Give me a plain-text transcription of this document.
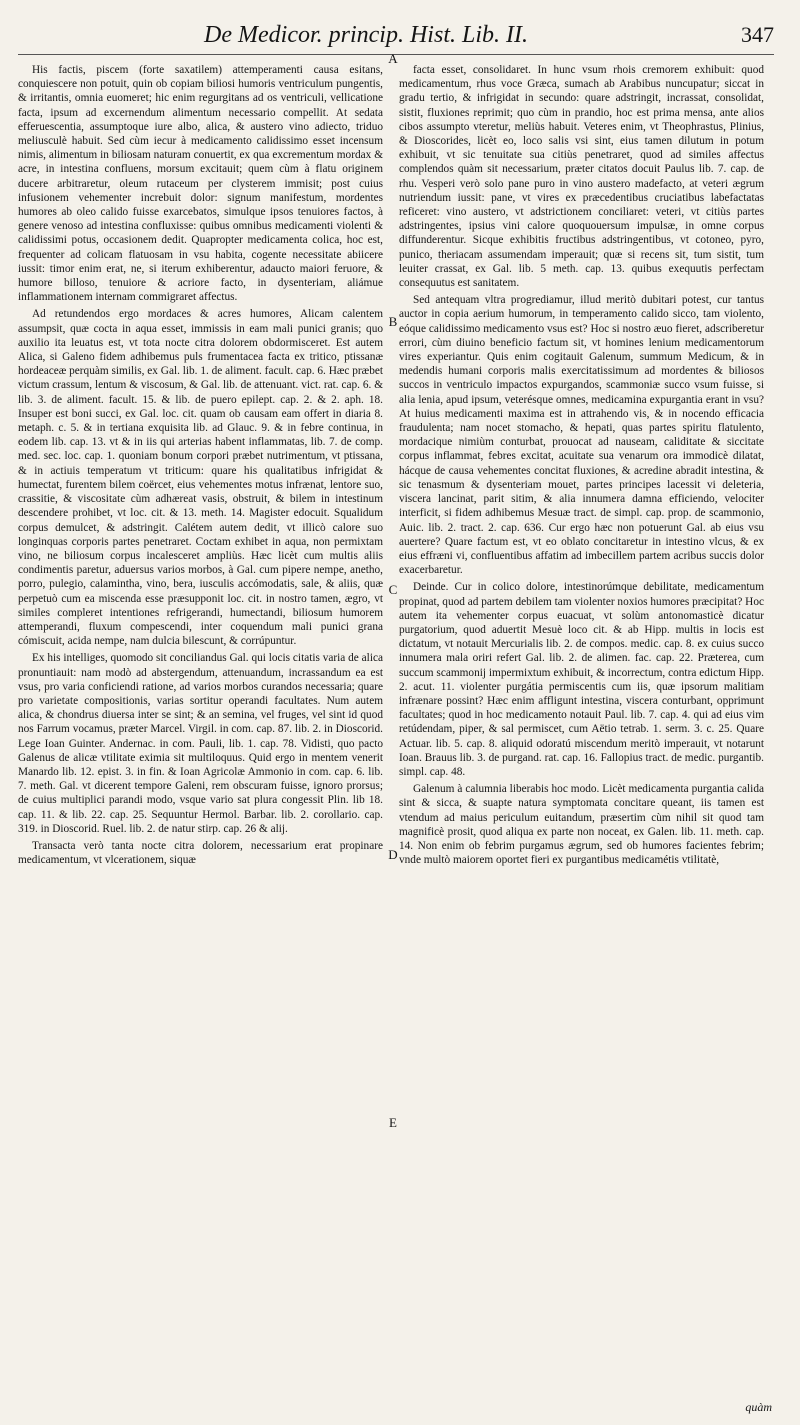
De Medicor. princip. Hist. Lib. II.	347

His factis, piscem (forte saxatilem) attemperamenti causa esitans, conquiescere non potuit, quin ob copiam biliosi humoris ventriculum pungentis, & irritantis, omnia euomeret; hic enim regurgitans ad os ventriculi, vellicatione facta, ipsum ad excernendum alimentum necessario compellit. At sedata efferuescentia, assumptoque iure albo, alica, & austero vino adiecto, triduo meliusculè habuit. Sed cùm iecur à medicamento calidissimo esset incensum nimis, alimentum in biliosam naturam conuertit, ex qua excrementum mordax & acre, in intestina confluens, morsum excitauit; quem cùm à flatu originem ducere arbitraretur, oleum rutaceum per clysterem immisit; post cuius infusionem vehementer increbuit dolor: signum manifestum, mordentes humores ab oleo calido fuisse exarcebatos, simulque ipsos tenuiores factos, à genere venoso ad intestina confluxisse: quibus omnibus medicamenti violenti & calidissimi potus, occasionem dedit. Quapropter medicamenta colica, hoc est, frequenter ad colicam flatuosam in vsu habita, cogente necessitate abiicere iussit: timor enim erat, ne, si iterum exhiberentur, adaucto maiori feruore, & humore billoso, tenuiore & acriore facto, in dysenteriam, aliámue inflammationem internam commigraret affectus.

Ad retundendos ergo mordaces & acres humores, Alicam calentem assumpsit, quæ cocta in aqua esset, immissis in eam mali punici granis; quo auxilio ita leuatus est, vt tota nocte citra dolorem obdormisceret. Est autem Alica, si Galeno fidem adhibemus puls frumentacea facta ex tritico, ptissanæ hordeaceæ perquàm similis, ex Gal. lib. 1. de aliment. facult. cap. 6. Hæc præbet victum crassum, lentum & viscosum, & Gal. lib. de attenuant. vict. rat. cap. 6. & lib. 3. de aliment. facult. 15. & lib. de puero epilept. cap. 2. & 2. aph. 18. Insuper est boni succi, ex Gal. loc. cit. quam ob causam eam offert in diaria 8. metaph. c. 5. & in tertiana exquisita lib. ad Glauc. 9. & in febre continua, in eodem lib. cap. 13. vt & in iis qui arterias habent inflammatas, lib. 7. de comp. med. sec. loc. cap. 1. quoniam bonum corpori præbet nutrimentum, vt ptissana, & in actiuis temperatum vt triticum: quare his qualitatibus infrigidat & humectat, furentem bilem coërcet, eius vehementes motus infrænat, lentore suo, crassitie, & viscositate cùm adhæreat vasis, obstruit, & bilem in intestinum descendere prohibet, vt loc. cit. & 13. meth. 14. Magister edocuit. Squalidum corpus demulcet, & adstringit. Calétem autem dedit, vt illicò calore suo longinquas corporis partes penetraret. Coctam exhibet in aqua, non permixtam vino, ne biliosum corpus incalesceret ampliùs. Hæc licèt cum multis aliis condimentis paretur, aduersus varios morbos, à Gal. cum pipere nempe, anetho, porro, pulegio, calamintha, vino, bera, iusculis accómodatis, sale, & aliis, quæ perpetuò cum ea miscenda esse præsupponit loc. cit. in nostro tamen, ægro, vt similes compleret intentiones refrigerandi, humectandi, biliosum humorem attemperandi, fluxum compescendi, inter coquendum mali punici grana cómiscuit, acida nempe, nam dulcia bilescunt, & corrúpuntur.

Ex his intelliges, quomodo sit conciliandus Gal. qui locis citatis varia de alica pronuntiauit: nam modò ad abstergendum, attenuandum, incrassandum ea est vsus, pro varia conficiendi ratione, ad varios morbos curandos necessaria; quare pro varietate compositionis, varias sortitur operandi facultates. Num autem alica, & chondrus diuersa inter se sint; & an semina, vel fruges, vel sint id quod nos Farrum vocamus, præter Marcel. Virgil. in com. cap. 87. lib. 2. in Dioscorid. Lege Ioan Guinter. Andernac. in com. Pauli, lib. 1. cap. 78. Vidisti, quo pacto Galenus de alicæ vtilitate eximia sit multiloquus. Quid ergo in mentem venerit Manardo lib. 12. epist. 3. in fin. & Ioan Agricolæ Ammonio in com. cap. 6. lib. 7. meth. Gal. vt dicerent tempore Galeni, rem obscuram fuisse, ignoro prorsus; de cuius multiplici parandi modo, vsque vario sat plura congessit Plin. lib 18. cap. 11. & lib. 22. cap. 25. Sequuntur Hermol. Barbar. lib. 2. corollario. cap. 319. in Dioscorid. Ruel. lib. 2. de natur stirp. cap. 26 & alij.

Transacta verò tanta nocte citra dolorem, necessarium erat propinare medicamentum, vt vlcerationem, siquæ

facta esset, consolidaret. In hunc vsum rhois cremorem exhibuit: quod medicamentum, rhus voce Græca, sumach ab Arabibus nuncupatur; siccat in gradu tertio, & infrigidat in secundo: quare adstringit, incrassat, consolidat, sistit, fluxiones reprimit; quo cùm in prandio, hoc est prima mensa, ante alios cibos assumpto vteretur, meliùs habuit. Veteres enim, vt Theophrastus, Plinius, & Dioscorides, licèt eo, loco salis vsi sint, eius tamen dilutum in potum exhibuit, vt sic tenuitate sua citiùs penetraret, quod ad similes affectus complendos quàm sit necessarium, præter citatos docuit Paulus lib. 7. cap. de rhu. Vesperi verò solo pane puro in vino austero madefacto, at veteri ægrum nutriendum iussit: pane, vt vires ex præcedentibus cruciatibus labefactatas reficeret: vino austero, vt adstrictionem conciliaret: veteri, vt citiùs partes adstringentes, ipsius vini calore quoquouersum impulsæ, in omne corpus diffunderentur. Sicque exhibitis fructibus adstringentibus, vt cotoneo, pyro, punico, theriacam assumendam imperauit; quæ si recens sit, tum sistit, tum leuiter crassat, ex Gal. lib. 5 meth. cap. 13. quibus exequutis perfectam consequutus est sanitatem.

Sed antequam vltra progrediamur, illud meritò dubitari potest, cur tantus auctor in copia aerium humorum, in temperamento calido sicco, tam violento, eóque calidissimo medicamento vsus est? Hoc si nostro æuo fieret, adscriberetur errori, cùm diuino beneficio factum sit, vt homines lenium medicamentorum vires experiantur. Quis enim cogitauit Galenum, summum Medicum, & in medendis humani corporis malis exercitatissimum ad mordentes & biliosos succos in ventriculo impactos expurgandos, scammoniæ succo vsum fuisse, si alia lenia, apud ipsum, veterésque omnes, medicamina expurgantia erant in vsu? At huius medicamenti maxima est in attrahendo vis, & in nocendo efficacia fraudulenta; nam nocet stomacho, & hepati, quas partes spiritu flatulento, mordacique nimiùm conturbat, prouocat ad nauseam, caliditate & siccitate corpus inflammat, febres excitat, acuitate sua venarum ora immodicè dilatat, hácque de causa vehementes concitat fluxiones, & acredine abradit intestina, & sic tenasmum & dysenteriam mouet, partes principes lacessit vi deleteria, viscera lancinat, parit sitim, & alia innumera damna efficiendo, velociter interficit, si fidem adhibemus Mesuæ tract. de simpl. cap. prop. de scammonio, Auic. lib. 2. tract. 2. cap. 636. Cur ergo hæc non potuerunt Gal. ab eius vsu auertere? Quare factum est, vt eo oblato concitaretur in intestino vlcus, & ex eius effræni vi, confluentibus affatim ad imbecillem partem acribus succis dolor exacerbaretur.

Deinde. Cur in colico dolore, intestinorúmque debilitate, medicamentum propinat, quod ad partem debilem tam violenter noxios humores præcipitat? Hoc autem ita vehementer corpus euacuat, vt solùm antonomasticè dicatur purgatorium, quod aduertit Mesuè loco cit. & ab Hipp. multis in locis est dictatum, vt notauit Mercurialis lib. 2. de compos. medic. cap. 8. ex cuius succo innumera mala oriri refert Gal. lib. 2. de alimen. fac. cap. 22. Præterea, cum succum scammonij impermixtum exhibuit, & incorrectum, contra edictum Hipp. 2. acut. 11. violenter purgátia permiscentis cum iis, quæ ipsorum malitiam infrænare possint? Hæc enim affligunt intestina, viscera conturbant, opprimunt facultates; quod in hoc medicamento notauit Paul. lib. 7. cap. 4. qui ad eius vim retúdendam, piper, & sal permiscet, cum Aëtio tetrab. 1. serm. 3. c. 25. Quare Actuar. lib. 5. cap. 8. aliquid odoratú miscendum meritò imperauit, vt notarunt Ioan. Brauus lib. 3. de purgand. rat. cap. 16. Fallopius tract. de medic. purgantib. simpl. cap. 48.

Galenum à calumnia liberabis hoc modo. Licèt medicamenta purgantia calida sint & sicca, & suapte natura symptomata concitare queant, iis tamen est vtendum ad maius periculum euitandum, præsertim cùm nihil sit quod tam magnificè prosit, quod aliqua ex parte non noceat, ex Galen. lib. 11. meth. cap. 14. Non enim ob febrim purgamus ægrum, sed ob humores facientes febrim; vnde multò maiorem oportet fieri ex purgantibus medicamétis vtilitatè,

A
B
C
D
E
quàm
